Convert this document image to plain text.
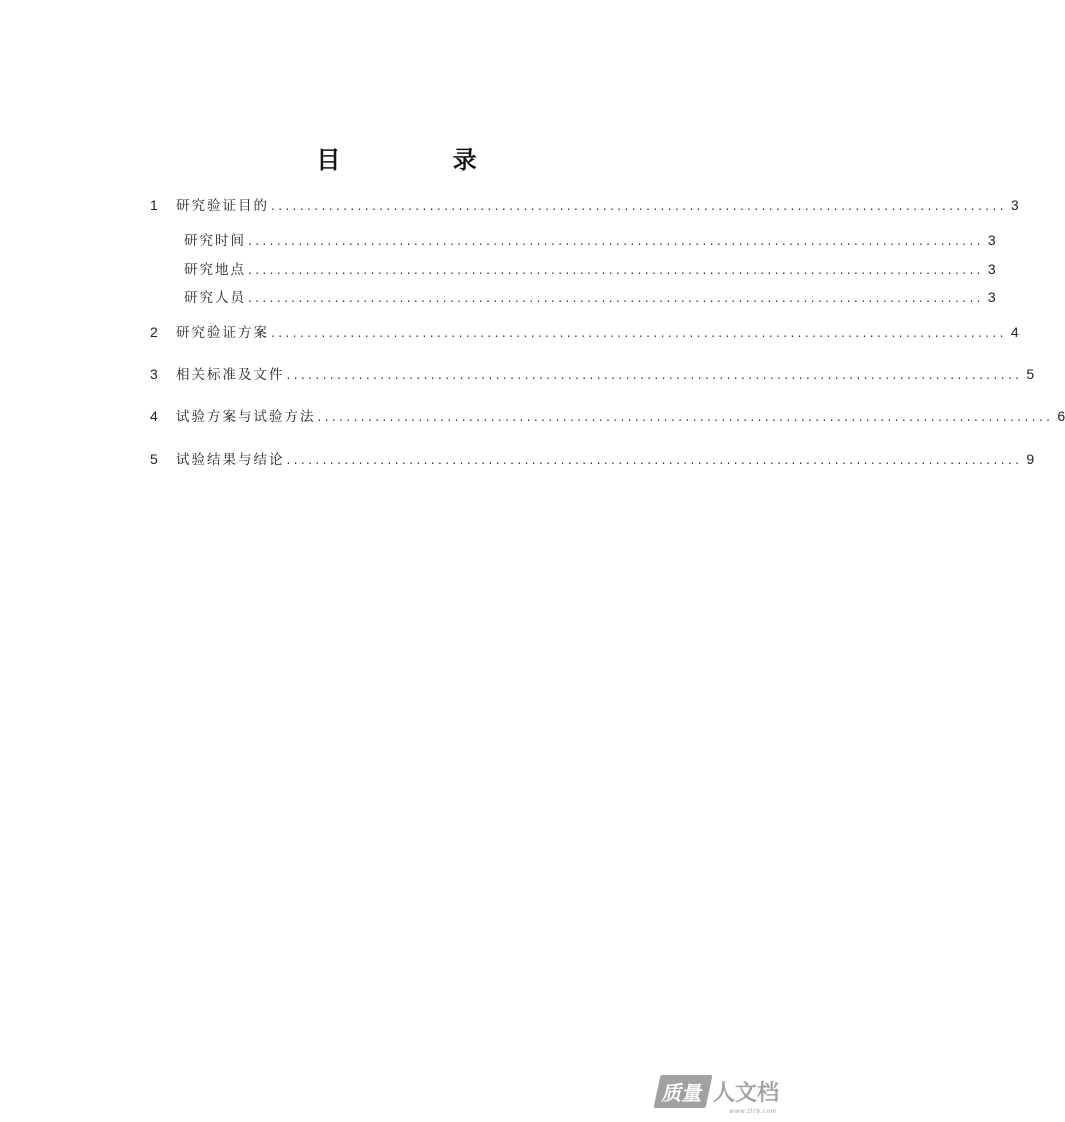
目 录
1	研究验证目的 ...................................................................................................... 3
研究时间 ...................................................................................................... 3
研究地点 ...................................................................................................... 3
研究人员 ...................................................................................................... 3
2	研究验证方案 ...................................................................................................... 4
3	相关标准及文件 ...................................................................................................... 5
4	试验方案与试验方法 ...................................................................................................... 6
5	试验结果与结论 ...................................................................................................... 9
质量 人文档
www.zlr9.com
